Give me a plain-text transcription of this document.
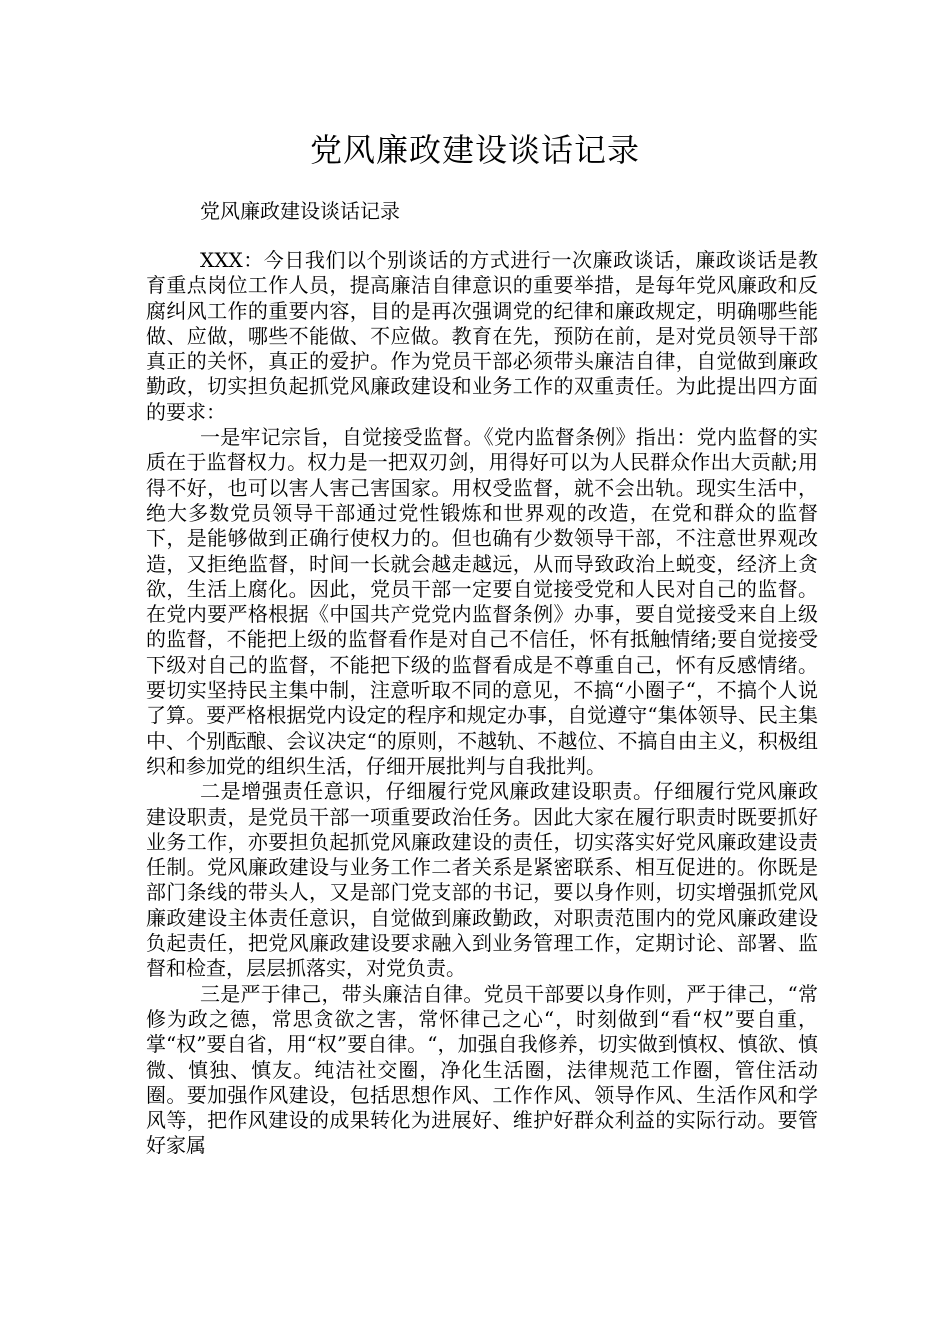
党风廉政建设谈话记录
党风廉政建设谈话记录

XXX：今日我们以个别谈话的方式进行一次廉政谈话，廉政谈话是教育重点岗位工作人员，提高廉洁自律意识的重要举措，是每年党风廉政和反腐纠风工作的重要内容，目的是再次强调党的纪律和廉政规定，明确哪些能做、应做，哪些不能做、不应做。教育在先，预防在前，是对党员领导干部真正的关怀，真正的爱护。作为党员干部必须带头廉洁自律，自觉做到廉政勤政，切实担负起抓党风廉政建设和业务工作的双重责任。为此提出四方面的要求：

一是牢记宗旨，自觉接受监督。《党内监督条例》指出：党内监督的实质在于监督权力。权力是一把双刃剑，用得好可以为人民群众作出大贡献;用得不好，也可以害人害己害国家。用权受监督，就不会出轨。现实生活中，绝大多数党员领导干部通过党性锻炼和世界观的改造，在党和群众的监督下，是能够做到正确行使权力的。但也确有少数领导干部，不注意世界观改造，又拒绝监督，时间一长就会越走越远，从而导致政治上蜕变，经济上贪欲，生活上腐化。因此，党员干部一定要自觉接受党和人民对自己的监督。在党内要严格根据《中国共产党党内监督条例》办事，要自觉接受来自上级的监督，不能把上级的监督看作是对自己不信任，怀有抵触情绪;要自觉接受下级对自己的监督，不能把下级的监督看成是不尊重自己，怀有反感情绪。要切实坚持民主集中制，注意听取不同的意见，不搞“小圈子“，不搞个人说了算。要严格根据党内设定的程序和规定办事，自觉遵守“集体领导、民主集中、个别酝酿、会议决定“的原则，不越轨、不越位、不搞自由主义，积极组织和参加党的组织生活，仔细开展批判与自我批判。

二是增强责任意识，仔细履行党风廉政建设职责。仔细履行党风廉政建设职责，是党员干部一项重要政治任务。因此大家在履行职责时既要抓好业务工作，亦要担负起抓党风廉政建设的责任，切实落实好党风廉政建设责任制。党风廉政建设与业务工作二者关系是紧密联系、相互促进的。你既是部门条线的带头人，又是部门党支部的书记，要以身作则，切实增强抓党风廉政建设主体责任意识，自觉做到廉政勤政，对职责范围内的党风廉政建设负起责任，把党风廉政建设要求融入到业务管理工作，定期讨论、部署、监督和检查，层层抓落实，对党负责。

三是严于律己，带头廉洁自律。党员干部要以身作则，严于律己，“常修为政之德，常思贪欲之害，常怀律己之心“，时刻做到“看“权”要自重，掌“权”要自省，用“权”要自律。“，加强自我修养，切实做到慎权、慎欲、慎微、慎独、慎友。纯洁社交圈，净化生活圈，法律规范工作圈，管住活动圈。要加强作风建设，包括思想作风、工作作风、领导作风、生活作风和学风等，把作风建设的成果转化为进展好、维护好群众利益的实际行动。要管好家属
